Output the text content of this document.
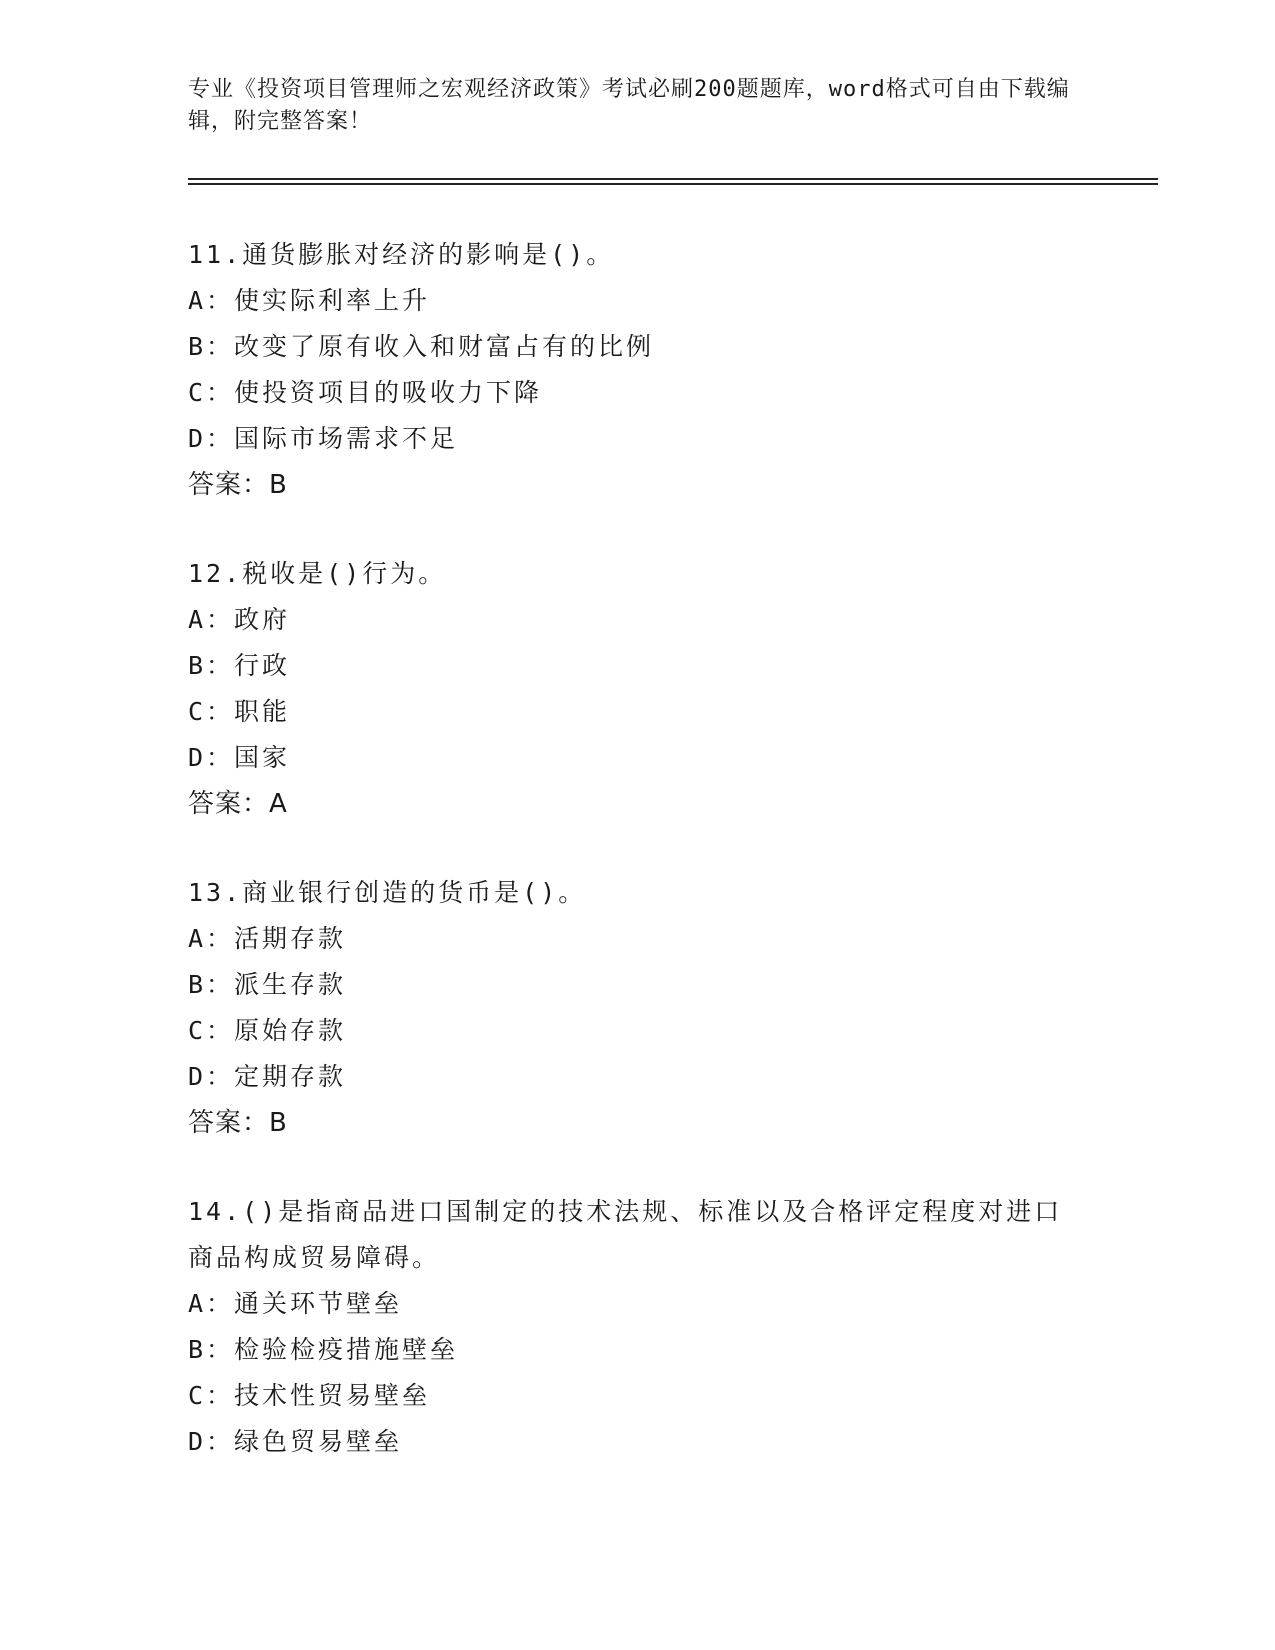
专业《投资项目管理师之宏观经济政策》考试必刷200题题库，word格式可自由下载编辑，附完整答案！

11.通货膨胀对经济的影响是()。

A：使实际利率上升

B：改变了原有收入和财富占有的比例

C：使投资项目的吸收力下降

D：国际市场需求不足

答案：B

12.税收是()行为。

A：政府

B：行政

C：职能

D：国家

答案：A

13.商业银行创造的货币是()。

A：活期存款

B：派生存款

C：原始存款

D：定期存款

答案：B

14.()是指商品进口国制定的技术法规、标准以及合格评定程度对进口商品构成贸易障碍。

A：通关环节壁垒

B：检验检疫措施壁垒

C：技术性贸易壁垒

D：绿色贸易壁垒
